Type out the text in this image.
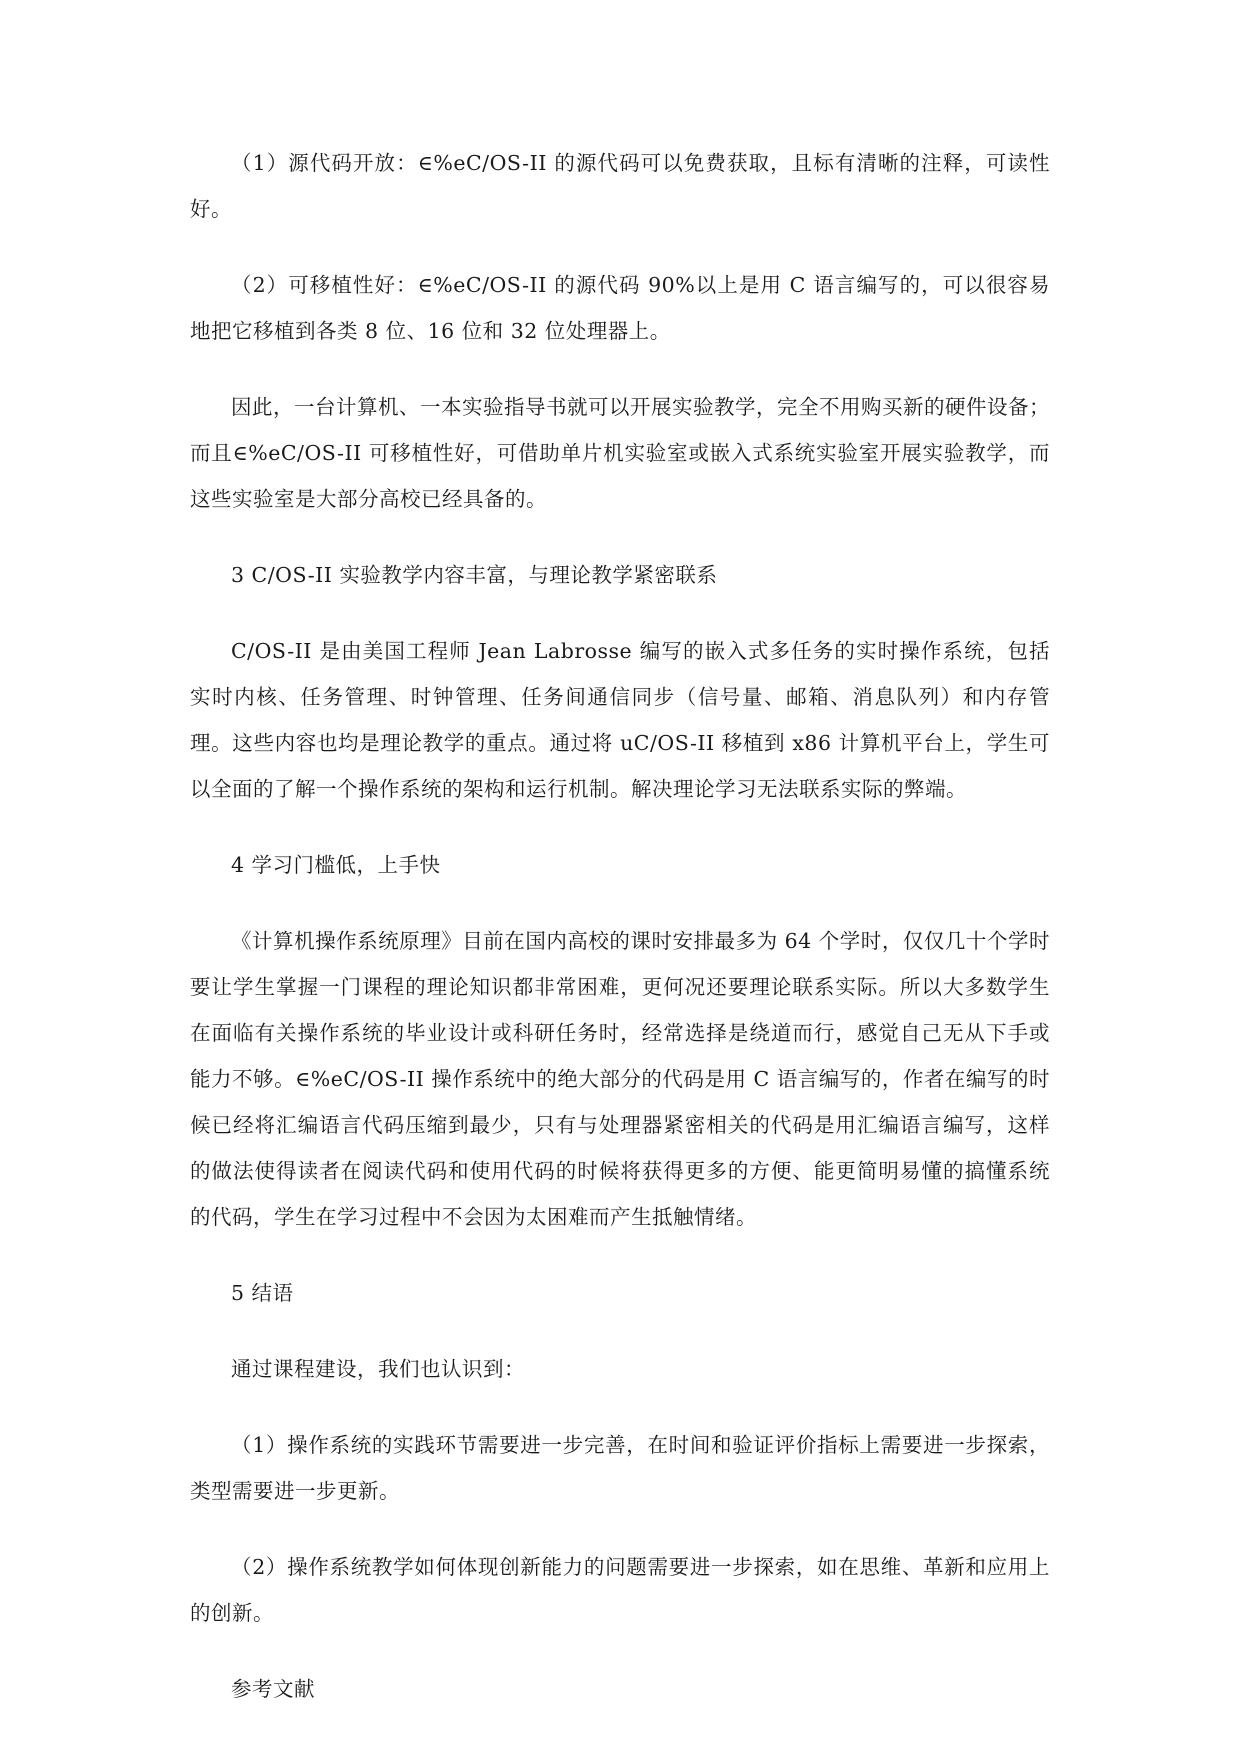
（1）源代码开放：∈%eC/OS-II 的源代码可以免费获取，且标有清晰的注释，可读性好。

（2）可移植性好：∈%eC/OS-II 的源代码 90%以上是用 C 语言编写的，可以很容易地把它移植到各类 8 位、16 位和 32 位处理器上。

因此，一台计算机、一本实验指导书就可以开展实验教学，完全不用购买新的硬件设备；而且∈%eC/OS-II 可移植性好，可借助单片机实验室或嵌入式系统实验室开展实验教学，而这些实验室是大部分高校已经具备的。

3 C/OS-II 实验教学内容丰富，与理论教学紧密联系

C/OS-II 是由美国工程师 Jean Labrosse 编写的嵌入式多任务的实时操作系统，包括实时内核、任务管理、时钟管理、任务间通信同步（信号量、邮箱、消息队列）和内存管理。这些内容也均是理论教学的重点。通过将 uC/OS-II 移植到 x86 计算机平台上，学生可以全面的了解一个操作系统的架构和运行机制。解决理论学习无法联系实际的弊端。

4 学习门槛低，上手快

《计算机操作系统原理》目前在国内高校的课时安排最多为 64 个学时，仅仅几十个学时要让学生掌握一门课程的理论知识都非常困难，更何况还要理论联系实际。所以大多数学生在面临有关操作系统的毕业设计或科研任务时，经常选择是绕道而行，感觉自己无从下手或能力不够。∈%eC/OS-II 操作系统中的绝大部分的代码是用 C 语言编写的，作者在编写的时候已经将汇编语言代码压缩到最少，只有与处理器紧密相关的代码是用汇编语言编写，这样的做法使得读者在阅读代码和使用代码的时候将获得更多的方便、能更简明易懂的搞懂系统的代码，学生在学习过程中不会因为太困难而产生抵触情绪。

5 结语

通过课程建设，我们也认识到：

（1）操作系统的实践环节需要进一步完善，在时间和验证评价指标上需要进一步探索，类型需要进一步更新。

（2）操作系统教学如何体现创新能力的问题需要进一步探索，如在思维、革新和应用上的创新。

参考文献
